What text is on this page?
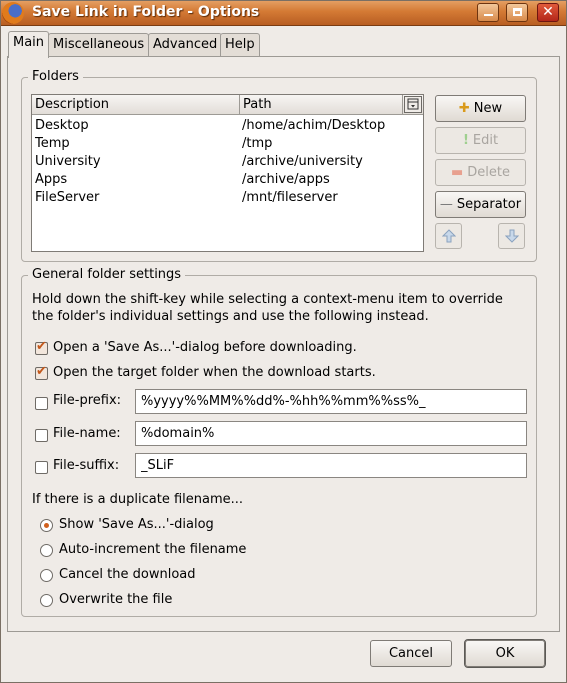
Save Link in Folder - Options	✕
Main Miscellaneous Advanced Help
Folders
Description	Path
Desktop	/home/achim/Desktop
Temp	/tmp
University	/archive/university
Apps	/archive/apps
FileServer	/mnt/fileserver
✚ New
! Edit
▬ Delete
— Separator
General folder settings
Hold down the shift-key while selecting a context-menu item to override
the folder's individual settings and use the following instead.
✔
Open a 'Save As...'-dialog before downloading.
✔
Open the target folder when the download starts.
File-prefix:
%yyyy%%MM%%dd%-%hh%%mm%%ss%_
File-name:
%domain%
File-suffix:
_SLiF
If there is a duplicate filename...
Show 'Save As...'-dialog
Auto-increment the filename
Cancel the download
Overwrite the file
Cancel	OK
